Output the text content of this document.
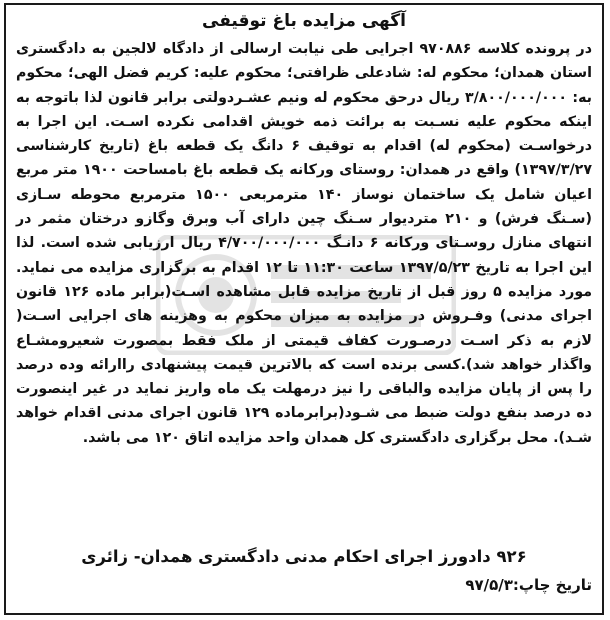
آگهی مزایده باغ توقیفی

در پرونده کلاسه ۹۷۰۸۸۶ اجرایی طی نیابت ارسالی از دادگاه لالجین به دادگستری استان همدان؛ محکوم له: شادعلی ظرافتی؛ محکوم علیه: کریم فضل الهی؛ محکوم به: ۳/۸۰۰/۰۰۰/۰۰۰ ریال درحق محکوم له ونیم عشـردولتی برابر قانون لذا باتوجه به اینکه محکوم علیه نسـبت به برائت ذمه خویش اقدامی نکرده اسـت. این اجرا به درخواسـت (محکوم له) اقدام به توقیف ۶ دانگ یک قطعه باغ (تاریخ کارشناسی ۱۳۹۷/۳/۲۷) واقع در همدان: روستای ورکانه یک قطعه باغ بامساحت ۱۹۰۰ متر مربع اعیان شامل یک ساختمان نوساز ۱۴۰ مترمربعی ۱۵۰۰ مترمربع محوطه سـازی (سـنگ فرش) و ۲۱۰ متردیوار سـنگ چین دارای آب وبرق وگازو درختان مثمر در انتهای منازل روسـتای ورکانه ۶ دانـگ ۴/۷۰۰/۰۰۰/۰۰۰ ریال ارزیابی شده است. لذا این اجرا به تاریخ ۱۳۹۷/۵/۲۳ ساعت ۱۱:۳۰ تا ۱۲ اقدام به برگزاری مزایده می نماید. مورد مزایده ۵ روز قبل از تاریخ مزایده قابل مشاهده اسـت(برابر ماده ۱۲۶ قانون اجرای مدنی) وفـروش در مزایده به میزان محکوم به وهزینه های اجرایی اسـت( لازم به ذکر اسـت درصـورت کفاف قیمتی از ملک فقط بمصورت شعیرومشـاع واگذار خواهد شد).کسی برنده است که بالاترین قیمت پیشنهادی راارائه وده درصد را پس از پایان مزایده والباقی را نیز درمهلت یک ماه واریز نماید در غیر اینصورت ده درصد بنفع دولت ضبط می شـود(برابرماده ۱۲۹ قانون اجرای مدنی اقدام خواهد شـد). محل برگزاری دادگستری کل همدان واحد مزایده اتاق ۱۲۰ می باشد.

۹۲۶ دادورز اجرای احکام مدنی دادگستری همدان- زائری
تاریخ چاپ:۹۷/۵/۳
